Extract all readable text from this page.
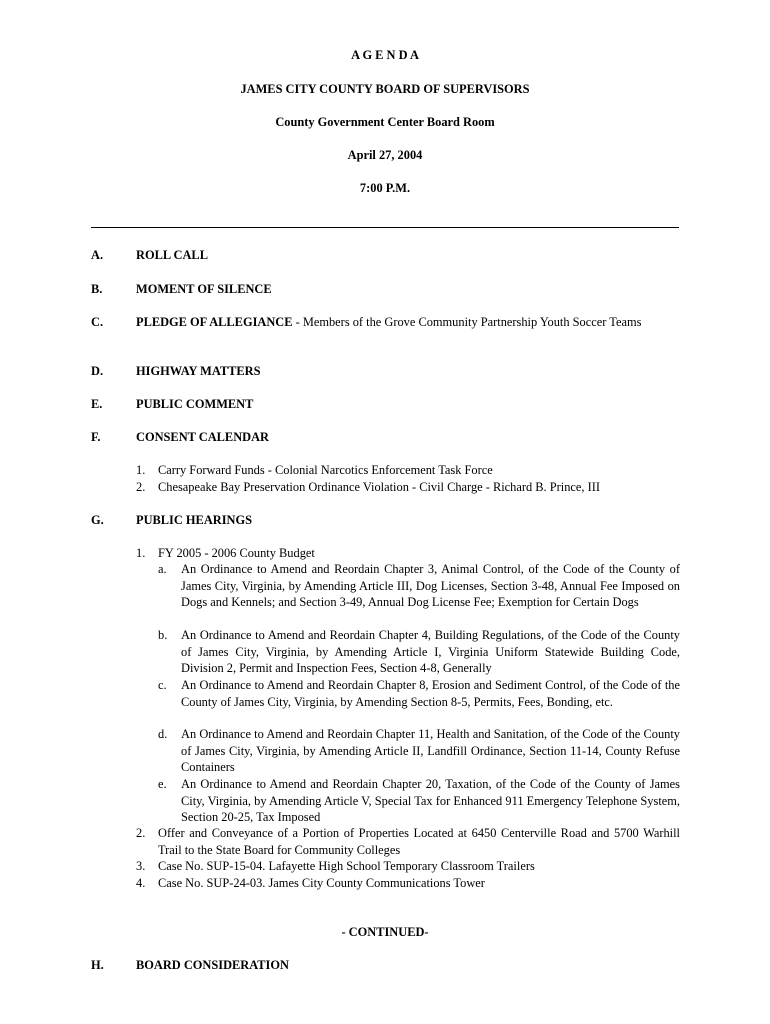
A G E N D A
JAMES CITY COUNTY BOARD OF SUPERVISORS
County Government Center Board Room
April 27, 2004
7:00 P.M.
A.	ROLL CALL
B.	MOMENT OF SILENCE
C.	PLEDGE OF ALLEGIANCE - Members of the Grove Community Partnership Youth Soccer Teams
D.	HIGHWAY MATTERS
E.	PUBLIC COMMENT
F.	CONSENT CALENDAR
1. Carry Forward Funds - Colonial Narcotics Enforcement Task Force
2. Chesapeake Bay Preservation Ordinance Violation - Civil Charge - Richard B. Prince, III
G.	PUBLIC HEARINGS
1. FY 2005 - 2006 County Budget
a. An Ordinance to Amend and Reordain Chapter 3, Animal Control, of the Code of the County of James City, Virginia, by Amending Article III, Dog Licenses, Section 3-48, Annual Fee Imposed on Dogs and Kennels; and Section 3-49, Annual Dog License Fee; Exemption for Certain Dogs
b. An Ordinance to Amend and Reordain Chapter 4, Building Regulations, of the Code of the County of James City, Virginia, by Amending Article I, Virginia Uniform Statewide Building Code, Division 2, Permit and Inspection Fees, Section 4-8, Generally
c. An Ordinance to Amend and Reordain Chapter 8, Erosion and Sediment Control, of the Code of the County of James City, Virginia, by Amending Section 8-5, Permits, Fees, Bonding, etc.
d. An Ordinance to Amend and Reordain Chapter 11, Health and Sanitation, of the Code of the County of James City, Virginia, by Amending Article II, Landfill Ordinance, Section 11-14, County Refuse Containers
e. An Ordinance to Amend and Reordain Chapter 20, Taxation, of the Code of the County of James City, Virginia, by Amending Article V, Special Tax for Enhanced 911 Emergency Telephone System, Section 20-25, Tax Imposed
2. Offer and Conveyance of a Portion of Properties Located at 6450 Centerville Road and 5700 Warhill Trail to the State Board for Community Colleges
3. Case No. SUP-15-04. Lafayette High School Temporary Classroom Trailers
4. Case No. SUP-24-03. James City County Communications Tower
- CONTINUED-
H.	BOARD CONSIDERATION
